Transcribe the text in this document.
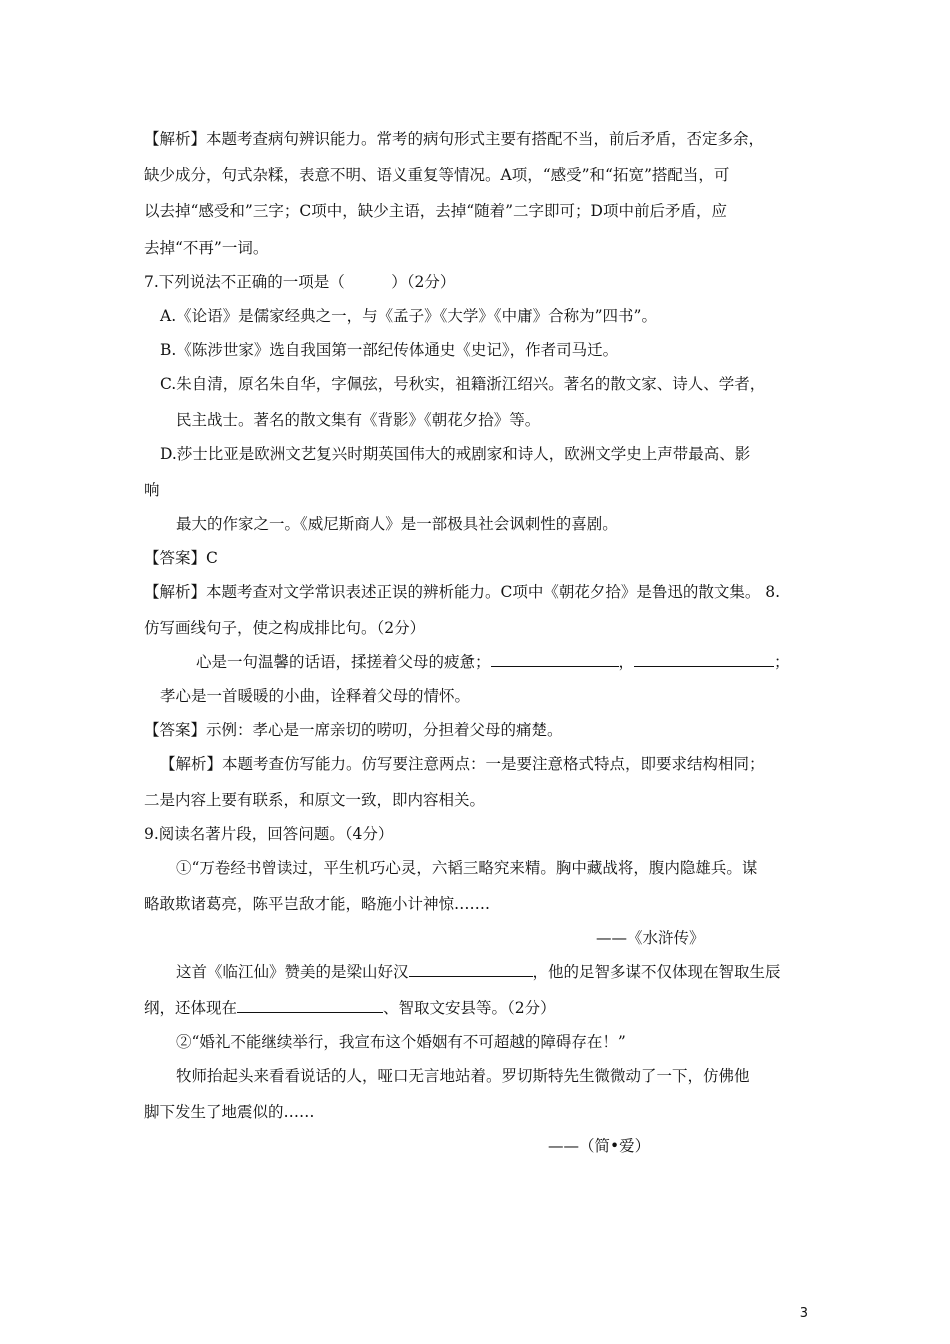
【解析】本题考查病句辨识能力。常考的病句形式主要有搭配不当，前后矛盾，否定多余，
缺少成分，句式杂糅，表意不明、语义重复等情况。A项，“感受”和“拓宽”搭配当，可
以去掉“感受和”三字；C项中，缺少主语，去掉“随着”二字即可；D项中前后矛盾，应
去掉“不再”一词。
7.下列说法不正确的一项是（　　　）（2分）
A.《论语》是儒家经典之一，与《孟子》《大学》《中庸》合称为”四书”。
B.《陈涉世家》选自我国第一部纪传体通史《史记》，作者司马迁。
C.朱自清，原名朱自华，字佩弦，号秋实，祖籍浙江绍兴。著名的散文家、诗人、学者，
民主战士。著名的散文集有《背影》《朝花夕拾》等。
D.莎士比亚是欧洲文艺复兴时期英国伟大的戒剧家和诗人，欧洲文学史上声带最高、影
响
最大的作家之一。《威尼斯商人》是一部极具社会讽刺性的喜剧。
【答案】C
【解析】本题考查对文学常识表述正误的辨析能力。C项中《朝花夕拾》是鲁迅的散文集。 8.
仿写画线句子，使之构成排比句。（2分）
心是一句温馨的话语，揉搓着父母的疲惫；	，	；
孝心是一首暖暖的小曲，诠释着父母的情怀。
【答案】示例：孝心是一席亲切的唠叨，分担着父母的痛楚。
【解析】本题考查仿写能力。仿写要注意两点：一是要注意格式特点，即要求结构相同；
二是内容上要有联系，和原文一致，即内容相关。
9.阅读名著片段，回答问题。（4分）
①“万卷经书曾读过，平生机巧心灵，六韬三略究来精。胸中藏战将，腹内隐雄兵。谋
略敢欺诸葛亮，陈平岂敌才能，略施小计神惊…….
——《水浒传》
这首《临江仙》赞美的是梁山好汉	，他的足智多谋不仅体现在智取生辰
纲，还体现在	、智取文安县等。（2分）
②“婚礼不能继续举行，我宣布这个婚姻有不可超越的障碍存在！”
牧师抬起头来看看说话的人，哑口无言地站着。罗切斯特先生微微动了一下，仿佛他
脚下发生了地震似的……
——（简•爱）
3
